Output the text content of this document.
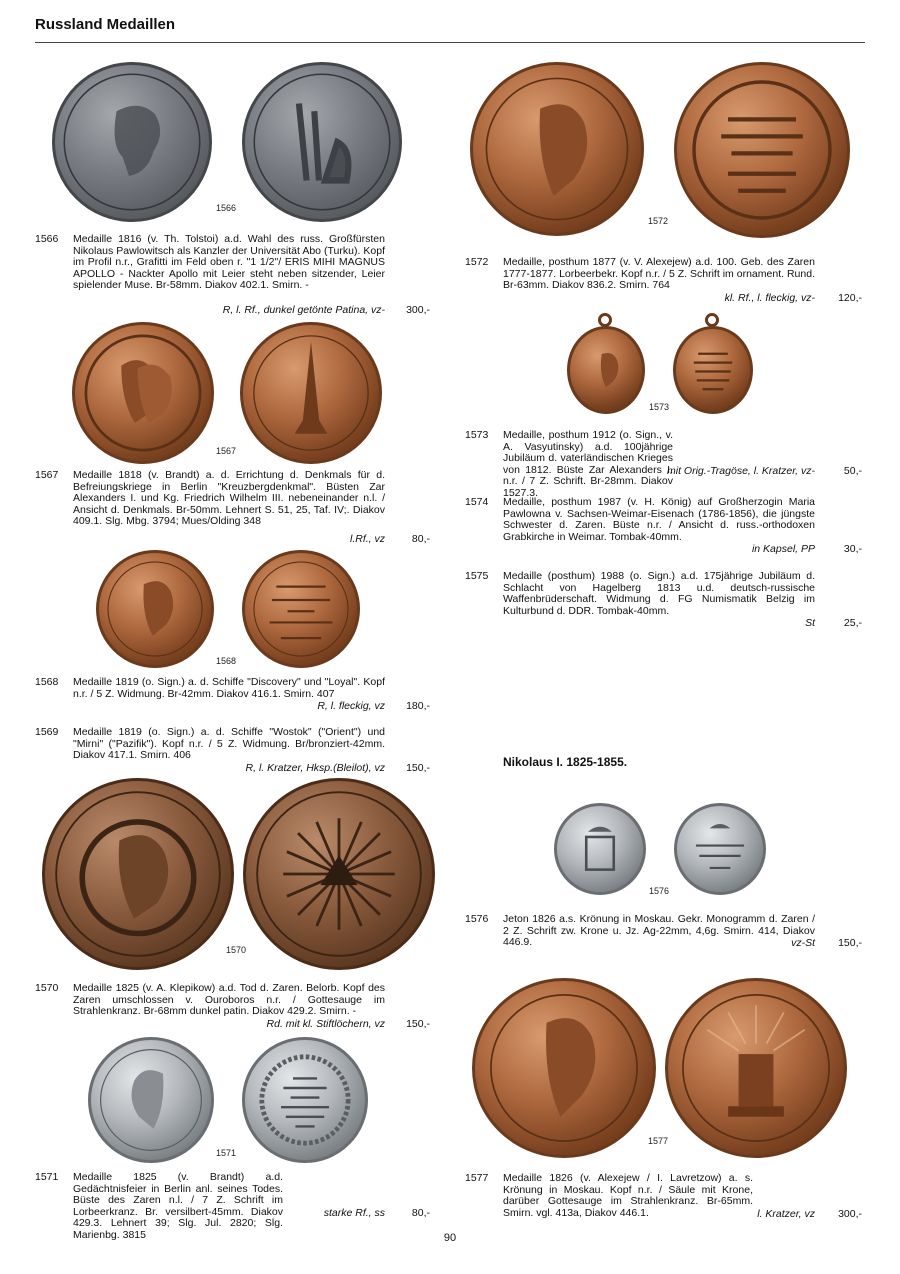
Russland Medaillen
1566
1566 Medaille 1816 (v. Th. Tolstoi) a.d. Wahl des russ. Großfürsten Nikolaus Pawlowitsch als Kanzler der Universität Abo (Turku). Kopf im Profil n.r., Grafitti im Feld oben r. "1 1/2"/ ERIS MIHI MAGNUS APOLLO - Nackter Apollo mit Leier steht neben sitzender, Leier spielender Muse. Br-58mm. Diakov 402.1. Smirn. -
R, l. Rf., dunkel getönte Patina, vz-	300,-
1567
1567 Medaille 1818 (v. Brandt) a. d. Errichtung d. Denkmals für d. Befreiungskriege in Berlin "Kreuzbergdenkmal". Büsten Zar Alexanders I. und Kg. Friedrich Wilhelm III. nebeneinander n.l. / Ansicht d. Denkmals. Br-50mm. Lehnert S. 51, 25, Taf. IV;. Diakov 409.1. Slg. Mbg. 3794; Mues/Olding 348
l.Rf., vz	80,-
1568
1568 Medaille 1819 (o. Sign.) a. d. Schiffe "Discovery" und "Loyal". Kopf n.r. / 5 Z. Widmung. Br-42mm. Diakov 416.1. Smirn. 407
R, l. fleckig, vz	180,-
1569 Medaille 1819 (o. Sign.) a. d. Schiffe "Wostok" ("Orient") und "Mirni" ("Pazifik"). Kopf n.r. / 5 Z. Widmung. Br/bronziert-42mm. Diakov 417.1. Smirn. 406
R, l. Kratzer, Hksp.(Bleilot), vz	150,-
1570
1570 Medaille 1825 (v. A. Klepikow) a.d. Tod d. Zaren. Belorb. Kopf des Zaren umschlossen v. Ouroboros n.r. / Gottesauge im Strahlenkranz. Br-68mm dunkel patin. Diakov 429.2. Smirn. -
Rd. mit kl. Stiftlöchern, vz	150,-
1571
1571 Medaille 1825 (v. Brandt) a.d. Gedächtnisfeier in Berlin anl. seines Todes. Büste des Zaren n.l. / 7 Z. Schrift im Lorbeerkranz. Br. versilbert-45mm. Diakov 429.3. Lehnert 39; Slg. Jul. 2820; Slg. Marienbg. 3815
starke Rf., ss	80,-
1572
1572 Medaille, posthum 1877 (v. V. Alexejew) a.d. 100. Geb. des Zaren 1777-1877. Lorbeerbekr. Kopf n.r. / 5 Z. Schrift im ornament. Rund. Br-63mm. Diakov 836.2. Smirn. 764
kl. Rf., l. fleckig, vz-	120,-
1573
1573 Medaille, posthum 1912 (o. Sign., v. A. Vasyutinsky) a.d. 100jährige Jubiläum d. vaterländischen Krieges von 1812. Büste Zar Alexanders I. n.r. / 7 Z. Schrift. Br-28mm. Diakov 1527.3.
mit Orig.-Tragöse, l. Kratzer, vz-	50,-
1574 Medaille, posthum 1987 (v. H. König) auf Großherzogin Maria Pawlowna v. Sachsen-Weimar-Eisenach (1786-1856), die jüngste Schwester d. Zaren. Büste n.r. / Ansicht d. russ.-orthodoxen Grabkirche in Weimar. Tombak-40mm.
in Kapsel, PP	30,-
1575 Medaille (posthum) 1988 (o. Sign.) a.d. 175jährige Jubiläum d. Schlacht von Hagelberg 1813 u.d. deutsch-russische Waffenbrüderschaft. Widmung d. FG Numismatik Belzig im Kulturbund d. DDR. Tombak-40mm.
St	25,-
Nikolaus I. 1825-1855.
1576
1576 Jeton 1826 a.s. Krönung in Moskau. Gekr. Monogramm d. Zaren / 2 Z. Schrift zw. Krone u. Jz. Ag-22mm, 4,6g. Smirn. 414, Diakov 446.9.	vz-St	150,-
1577
1577 Medaille 1826 (v. Alexejew / I. Lavretzow) a. s. Krönung in Moskau. Kopf n.r. / Säule mit Krone, darüber Gottesauge im Strahlenkranz. Br-65mm. Smirn. vgl. 413a, Diakov 446.1.	l. Kratzer, vz	300,-
90
